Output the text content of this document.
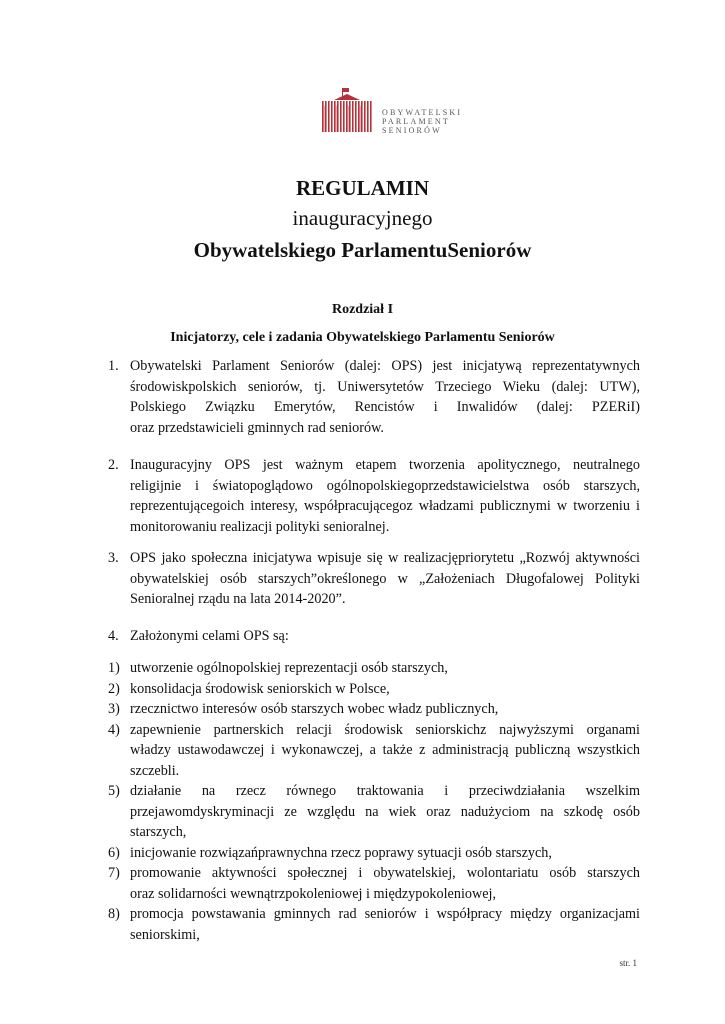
OBYWATELSKI
PARLAMENT
SENIORÓW
REGULAMIN
inauguracyjnego
Obywatelskiego ParlamentuSeniorów
Rozdział I
Inicjatorzy, cele i zadania Obywatelskiego Parlamentu Seniorów
1. Obywatelski Parlament Seniorów (dalej: OPS) jest inicjatywą reprezentatywnych
środowiskpolskich seniorów, tj. Uniwersytetów Trzeciego Wieku (dalej: UTW),
Polskiego Związku Emerytów, Rencistów i Inwalidów (dalej: PZERiI)
oraz przedstawicieli gminnych rad seniorów.
2. Inauguracyjny OPS jest ważnym etapem tworzenia apolitycznego, neutralnego
religijnie i światopoglądowo ogólnopolskiegoprzedstawicielstwa osób starszych,
reprezentującegoich interesy, współpracującegoz władzami publicznymi w tworzeniu i
monitorowaniu realizacji polityki senioralnej.
3. OPS jako społeczna inicjatywa wpisuje się w realizacjępriorytetu „Rozwój aktywności
obywatelskiej osób starszych”określonego w „Założeniach Długofalowej Polityki
Senioralnej rządu na lata 2014-2020”.
4. Założonymi celami OPS są:
1) utworzenie ogólnopolskiej reprezentacji osób starszych,
2) konsolidacja środowisk seniorskich w Polsce,
3) rzecznictwo interesów osób starszych wobec władz publicznych,
4) zapewnienie partnerskich relacji środowisk seniorskichz najwyższymi organami
władzy ustawodawczej i wykonawczej, a także z administracją publiczną wszystkich
szczebli.
5) działanie na rzecz równego traktowania i przeciwdziałania wszelkim
przejawomdyskryminacji ze względu na wiek oraz nadużyciom na szkodę osób
starszych,
6) inicjowanie rozwiązańprawnychna rzecz poprawy sytuacji osób starszych,
7) promowanie aktywności społecznej i obywatelskiej, wolontariatu osób starszych
oraz solidarności wewnątrzpokoleniowej i międzypokoleniowej,
8) promocja powstawania gminnych rad seniorów i współpracy między organizacjami
seniorskimi,
str. 1
